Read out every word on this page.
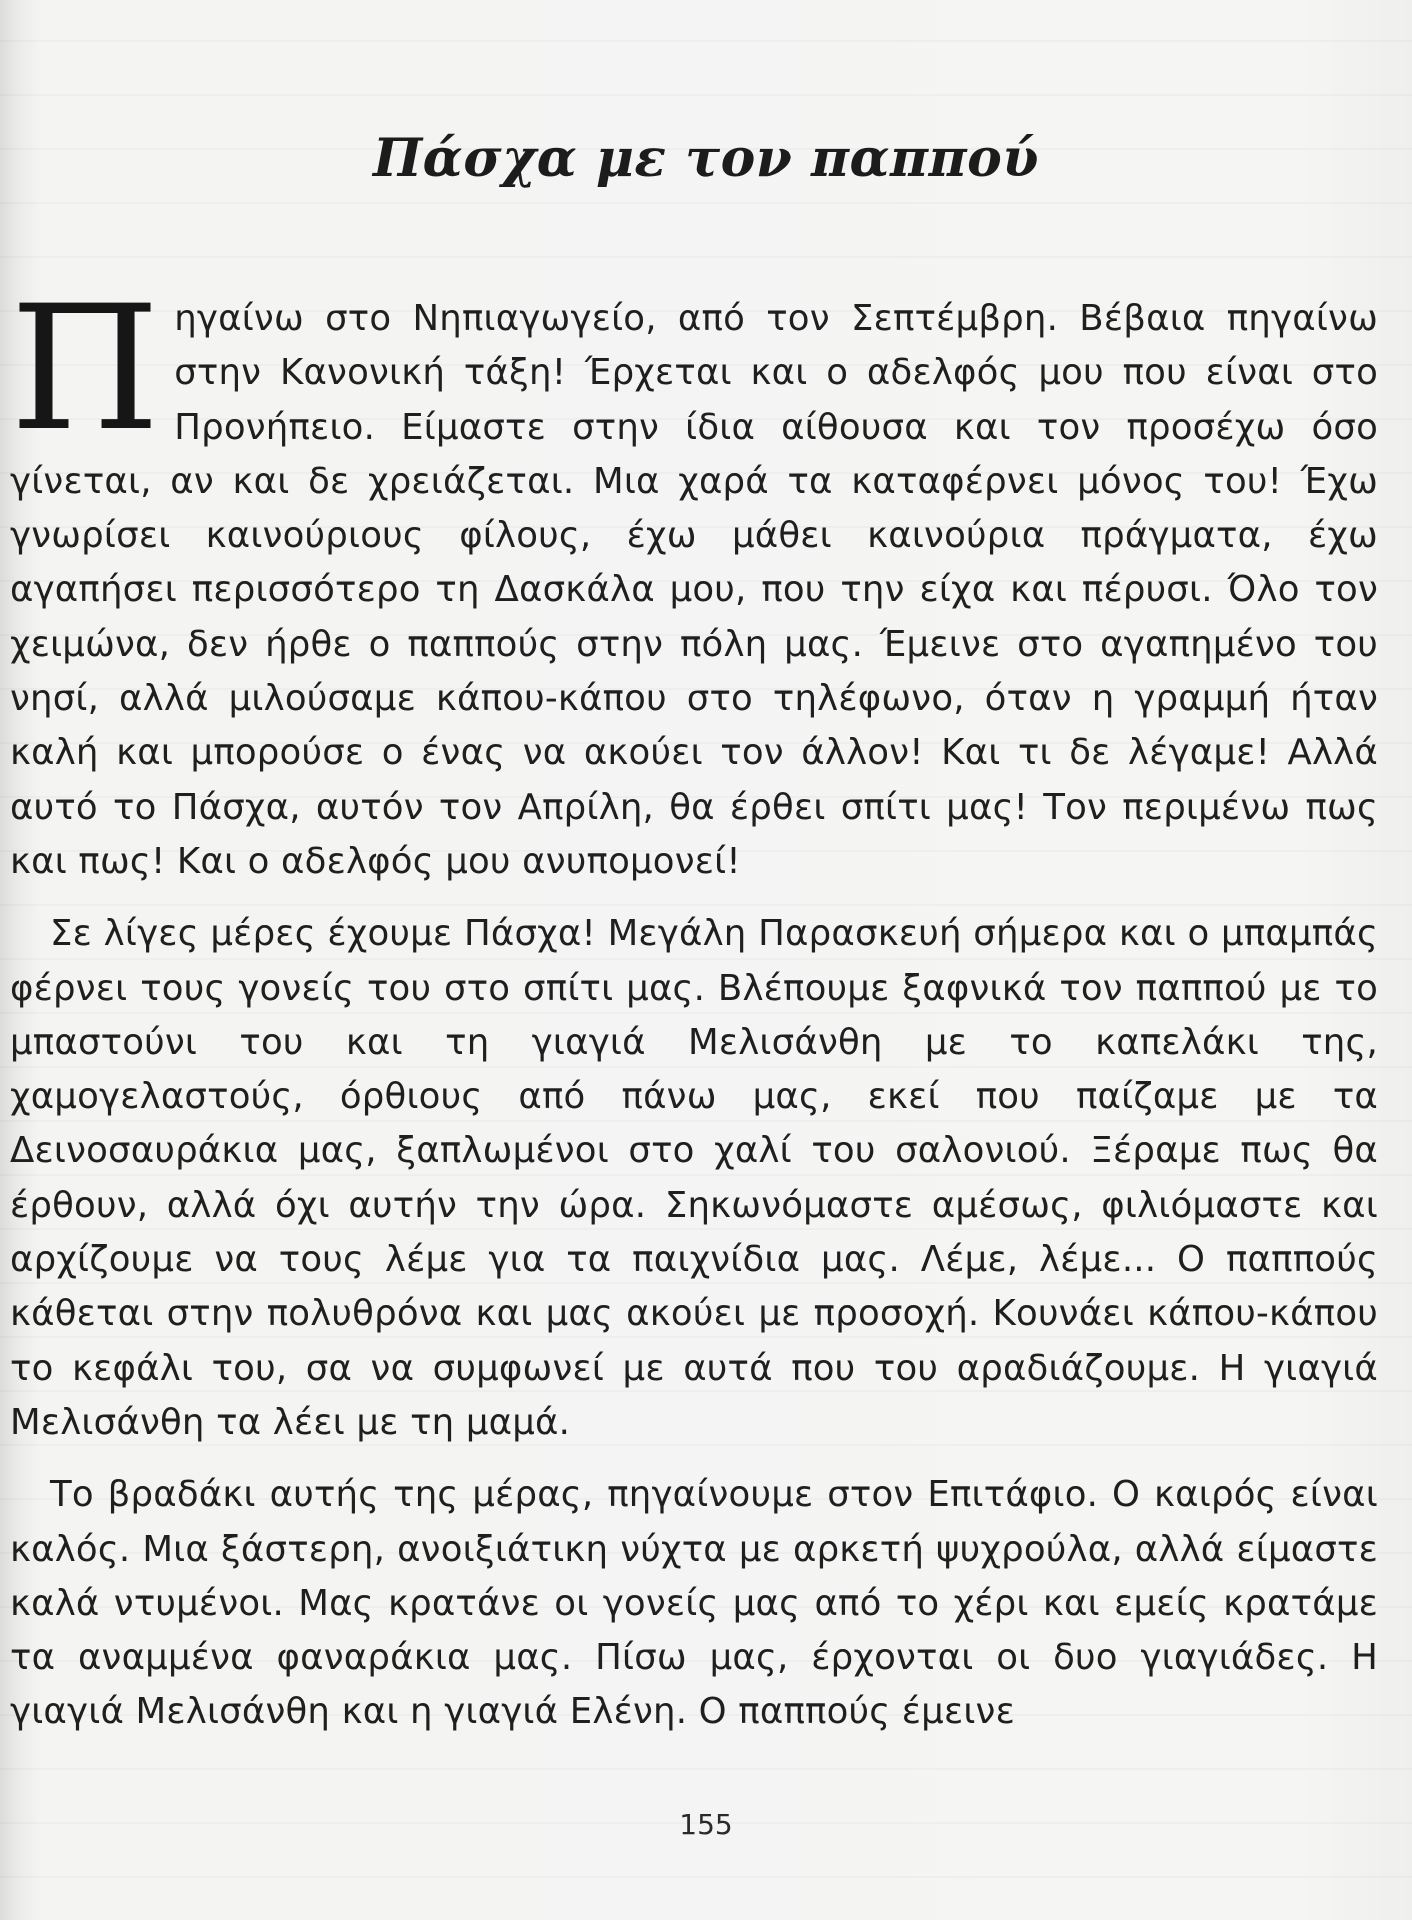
Πάσχα με τον παππού

Πηγαίνω στο Νηπιαγωγείο, από τον Σεπτέμβρη. Βέβαια πηγαίνω στην Κανονική τάξη! Έρχεται και ο αδελφός μου που είναι στο Προνήπειο. Είμαστε στην ίδια αίθουσα και τον προσέχω όσο γίνεται, αν και δε χρειάζεται. Μια χαρά τα καταφέρνει μόνος του! Έχω γνωρίσει καινούριους φίλους, έχω μάθει καινούρια πράγματα, έχω αγαπήσει περισσότερο τη Δασκάλα μου, που την είχα και πέρυσι. Όλο τον χειμώνα, δεν ήρθε ο παππούς στην πόλη μας. Έμεινε στο αγαπημένο του νησί, αλλά μιλούσαμε κάπου-κάπου στο τηλέφωνο, όταν η γραμμή ήταν καλή και μπορούσε ο ένας να ακούει τον άλλον! Και τι δε λέγαμε! Αλλά αυτό το Πάσχα, αυτόν τον Απρίλη, θα έρθει σπίτι μας! Τον περιμένω πως και πως! Και ο αδελφός μου ανυπομονεί!

Σε λίγες μέρες έχουμε Πάσχα! Μεγάλη Παρασκευή σήμερα και ο μπαμπάς φέρνει τους γονείς του στο σπίτι μας. Βλέπουμε ξαφνικά τον παππού με το μπαστούνι του και τη γιαγιά Μελισάνθη με το καπελάκι της, χαμογελαστούς, όρθιους από πάνω μας, εκεί που παίζαμε με τα Δεινοσαυράκια μας, ξαπλωμένοι στο χαλί του σαλονιού. Ξέραμε πως θα έρθουν, αλλά όχι αυτήν την ώρα. Σηκωνόμαστε αμέσως, φιλιόμαστε και αρχίζουμε να τους λέμε για τα παιχνίδια μας. Λέμε, λέμε... Ο παππούς κάθεται στην πολυθρόνα και μας ακούει με προσοχή. Κουνάει κάπου-κάπου το κεφάλι του, σα να συμφωνεί με αυτά που του αραδιάζουμε. Η γιαγιά Μελισάνθη τα λέει με τη μαμά.

Το βραδάκι αυτής της μέρας, πηγαίνουμε στον Επιτάφιο. Ο καιρός είναι καλός. Μια ξάστερη, ανοιξιάτικη νύχτα με αρκετή ψυχρούλα, αλλά είμαστε καλά ντυμένοι. Μας κρατάνε οι γονείς μας από το χέρι και εμείς κρατάμε τα αναμμένα φαναράκια μας. Πίσω μας, έρχονται οι δυο γιαγιάδες. Η γιαγιά Μελισάνθη και η γιαγιά Ελένη. Ο παππούς έμεινε

155
